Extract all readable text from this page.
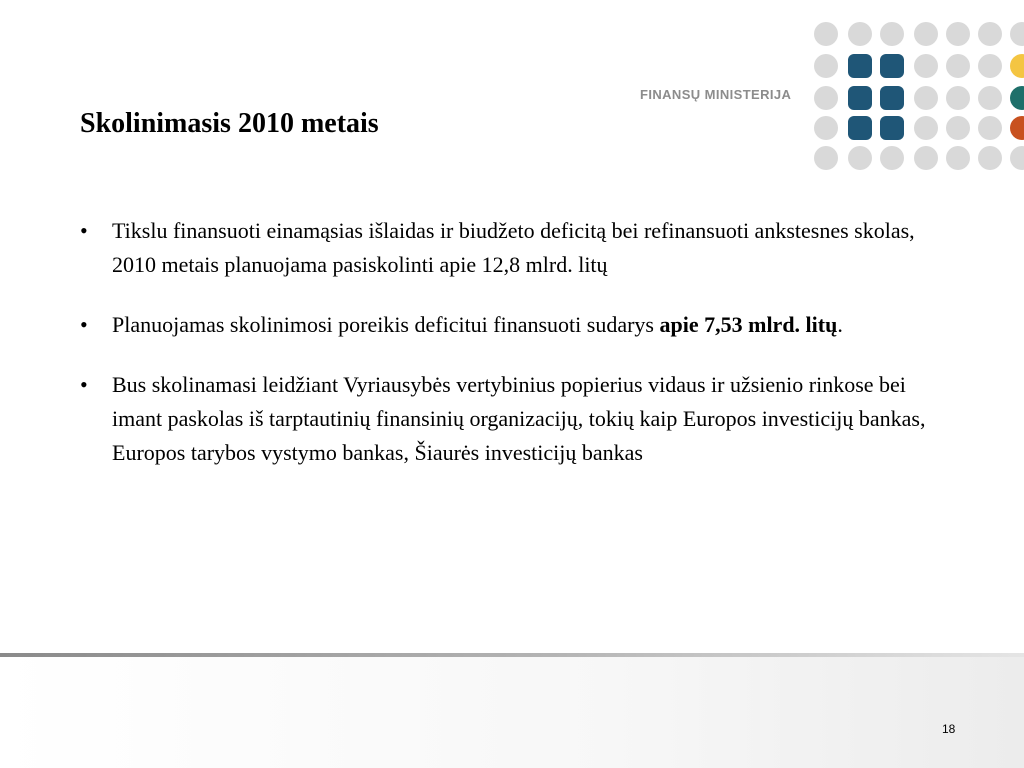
FINANSŲ MINISTERIJA
Skolinimasis 2010 metais
• Tikslu finansuoti einamąsias išlaidas ir biudžeto deficitą bei refinansuoti ankstesnes skolas, 2010 metais planuojama pasiskolinti apie 12,8 mlrd. litų
• Planuojamas skolinimosi poreikis deficitui finansuoti sudarys apie 7,53 mlrd. litų.
• Bus skolinamasi leidžiant Vyriausybės vertybinius popierius vidaus ir užsienio rinkose bei imant paskolas iš tarptautinių finansinių organizacijų, tokių kaip Europos investicijų bankas, Europos tarybos vystymo bankas, Šiaurės investicijų bankas
18
